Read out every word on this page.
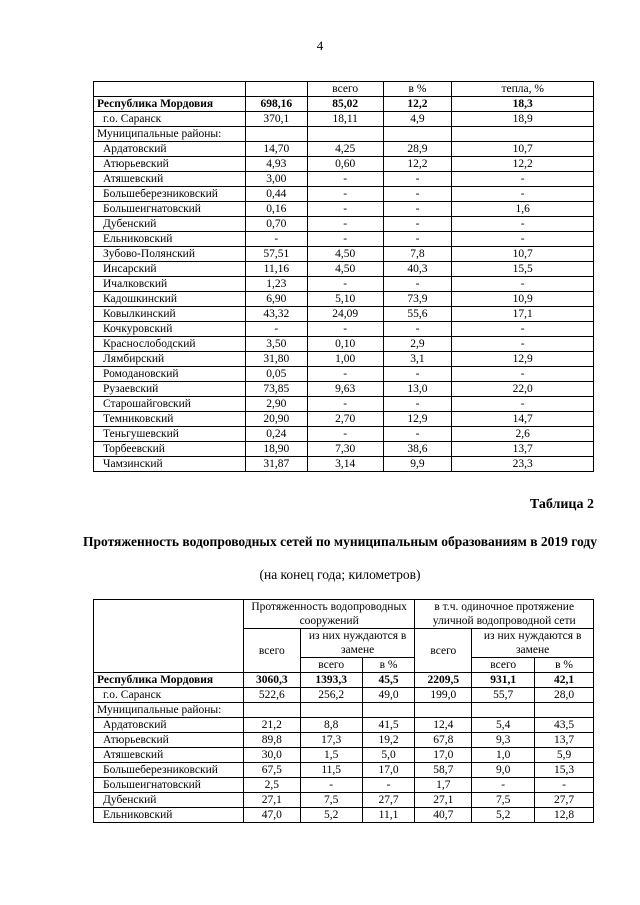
4
		всего	в %	тепла, %
Республика Мордовия	698,16	85,02	12,2	18,3
г.о. Саранск	370,1	18,11	4,9	18,9
Муниципальные районы:				
Ардатовский	14,70	4,25	28,9	10,7
Атюрьевский	4,93	0,60	12,2	12,2
Атяшевский	3,00	-	-	-
Большеберезниковский	0,44	-	-	-
Большеигнатовский	0,16	-	-	1,6
Дубенский	0,70	-	-	-
Ельниковский	-	-	-	-
Зубово-Полянский	57,51	4,50	7,8	10,7
Инсарский	11,16	4,50	40,3	15,5
Ичалковский	1,23	-	-	-
Кадошкинский	6,90	5,10	73,9	10,9
Ковылкинский	43,32	24,09	55,6	17,1
Кочкуровский	-	-	-	-
Краснослободский	3,50	0,10	2,9	-
Лямбирский	31,80	1,00	3,1	12,9
Ромодановский	0,05	-	-	-
Рузаевский	73,85	9,63	13,0	22,0
Старошайговский	2,90	-	-	-
Темниковский	20,90	2,70	12,9	14,7
Теньгушевский	0,24	-	-	2,6
Торбеевский	18,90	7,30	38,6	13,7
Чамзинский	31,87	3,14	9,9	23,3
Таблица 2
Протяженность водопроводных сетей по муниципальным образованиям в 2019 году
(на конец года; километров)
	Протяженность водопроводных сооружений			в т.ч. одиночное протяжение уличной водопроводной сети		
	всего	из них нуждаются в замене		всего	из них нуждаются в замене	
		всего	в %		всего	в %
Республика Мордовия	3060,3	1393,3	45,5	2209,5	931,1	42,1
г.о. Саранск	522,6	256,2	49,0	199,0	55,7	28,0
Муниципальные районы:						
Ардатовский	21,2	8,8	41,5	12,4	5,4	43,5
Атюрьевский	89,8	17,3	19,2	67,8	9,3	13,7
Атяшевский	30,0	1,5	5,0	17,0	1,0	5,9
Большеберезниковский	67,5	11,5	17,0	58,7	9,0	15,3
Большеигнатовский	2,5	-	-	1,7	-	-
Дубенский	27,1	7,5	27,7	27,1	7,5	27,7
Ельниковский	47,0	5,2	11,1	40,7	5,2	12,8
